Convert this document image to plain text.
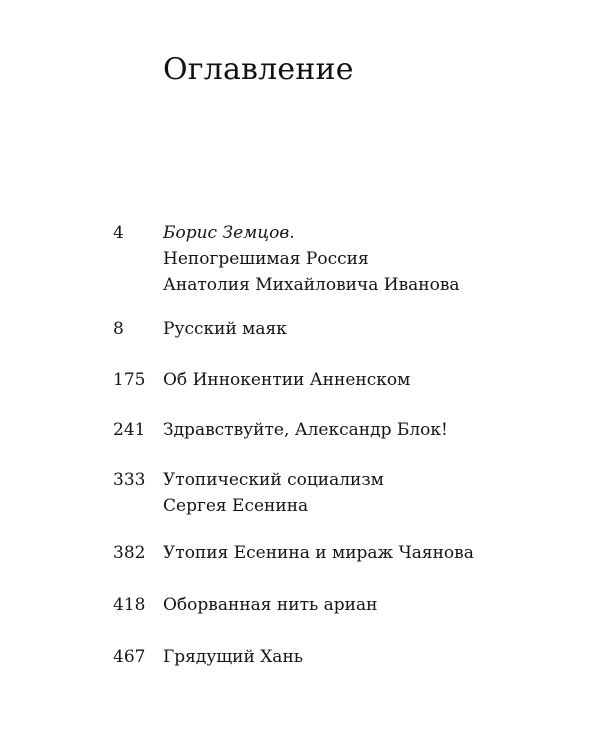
Оглавление
4	Борис Земцов.
Непогрешимая Россия
Анатолия Михайловича Иванова
8	Русский маяк
175	Об Иннокентии Анненском
241	Здравствуйте, Александр Блок!
333	Утопический социализм
Сергея Есенина
382	Утопия Есенина и мираж Чаянова
418	Оборванная нить ариан
467	Грядущий Хань
